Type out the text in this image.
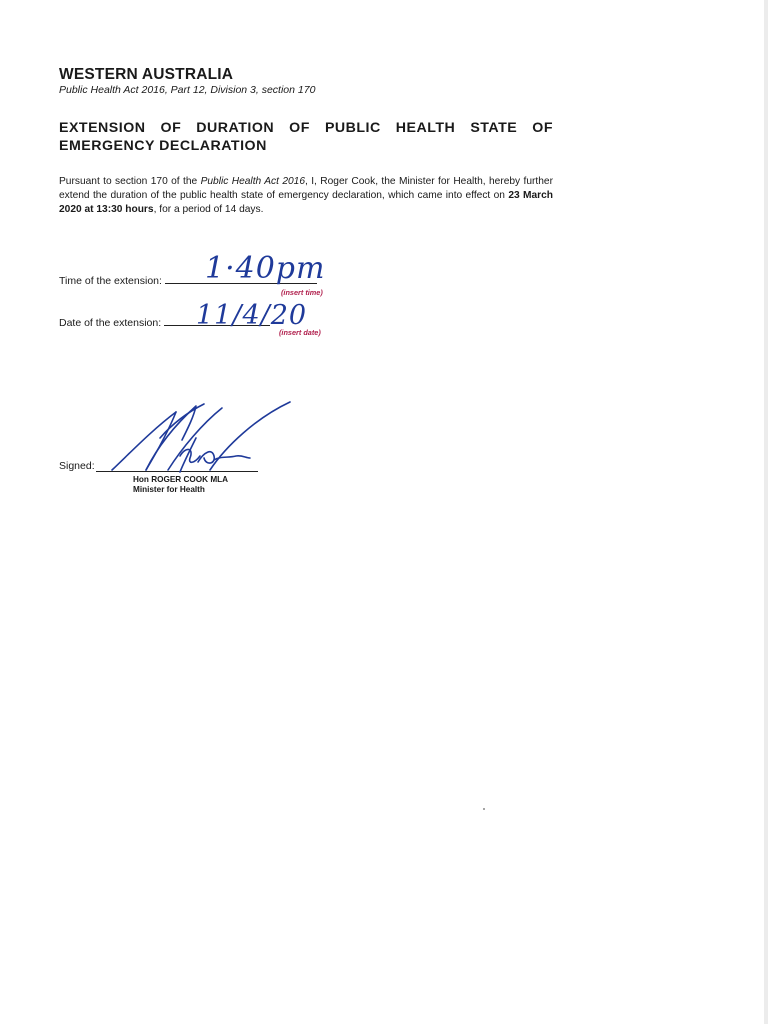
WESTERN AUSTRALIA
Public Health Act 2016, Part 12, Division 3, section 170
EXTENSION OF DURATION OF PUBLIC HEALTH STATE OF EMERGENCY DECLARATION
Pursuant to section 170 of the Public Health Act 2016, I, Roger Cook, the Minister for Health, hereby further extend the duration of the public health state of emergency declaration, which came into effect on 23 March 2020 at 13:30 hours, for a period of 14 days.
Time of the extension:	1·40pm
(insert time)
Date of the extension:	11/4/20
(insert date)
Signed:
Hon ROGER COOK MLA
Minister for Health
